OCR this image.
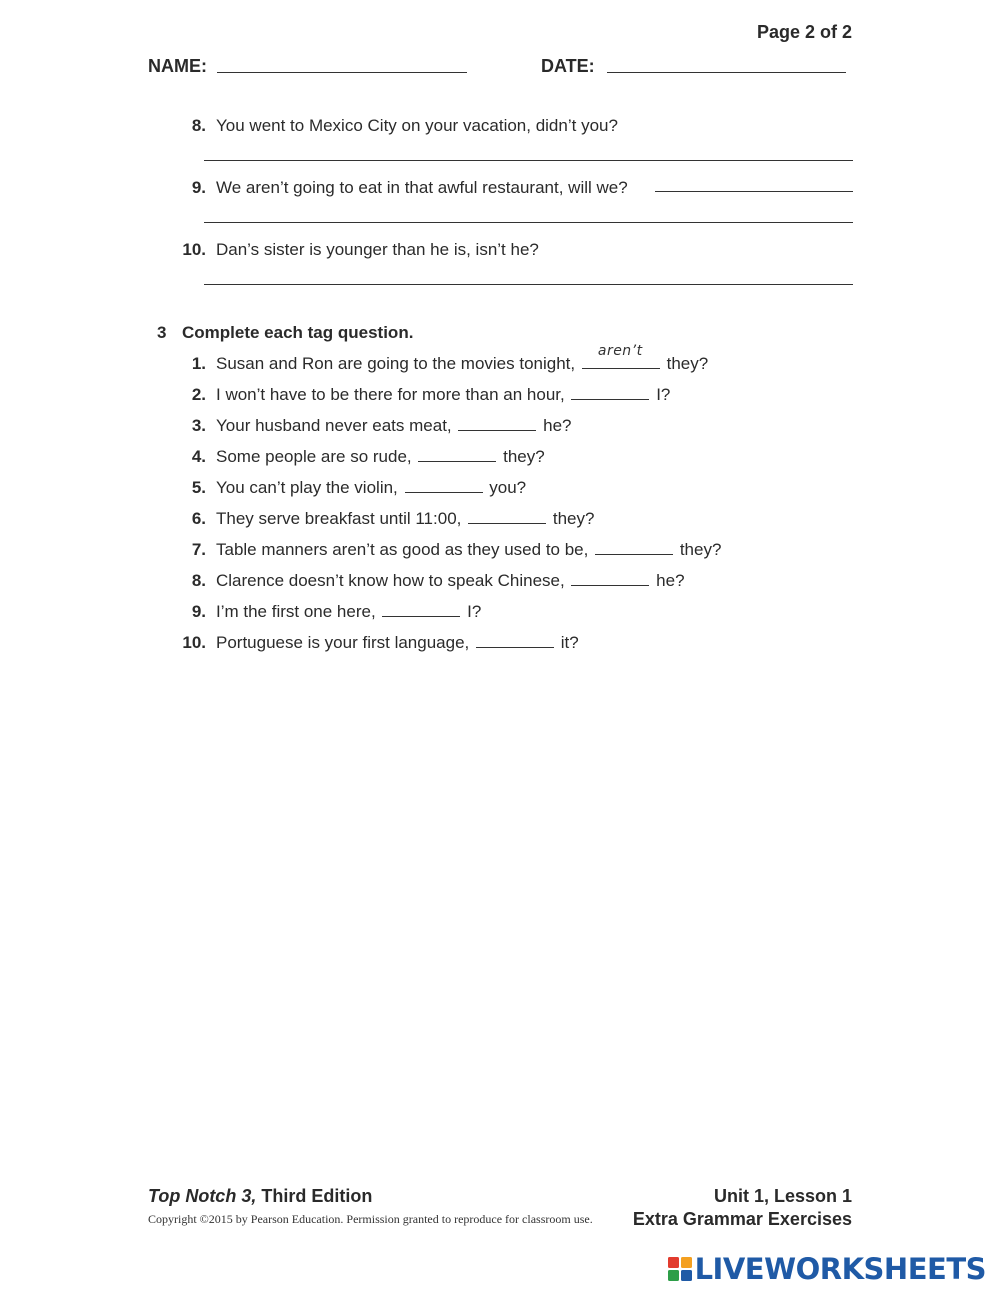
Page 2 of 2
NAME:	DATE:
8. You went to Mexico City on your vacation, didn’t you?
9. We aren’t going to eat in that awful restaurant, will we?
10. Dan’s sister is younger than he is, isn’t he?
3 Complete each tag question.
1. Susan and Ron are going to the movies tonight,
aren’t
they?
2. I won’t have to be there for more than an hour,	I?
3. Your husband never eats meat,	he?
4. Some people are so rude,	they?
5. You can’t play the violin,	you?
6. They serve breakfast until 11:00,	they?
7. Table manners aren’t as good as they used to be,	they?
8. Clarence doesn’t know how to speak Chinese,	he?
9. I’m the first one here,	I?
10. Portuguese is your first language,	it?
Top Notch 3, Third Edition
Copyright ©2015 by Pearson Education. Permission granted to reproduce for classroom use.
Unit 1, Lesson 1
Extra Grammar Exercises
LIVEWORKSHEETS
